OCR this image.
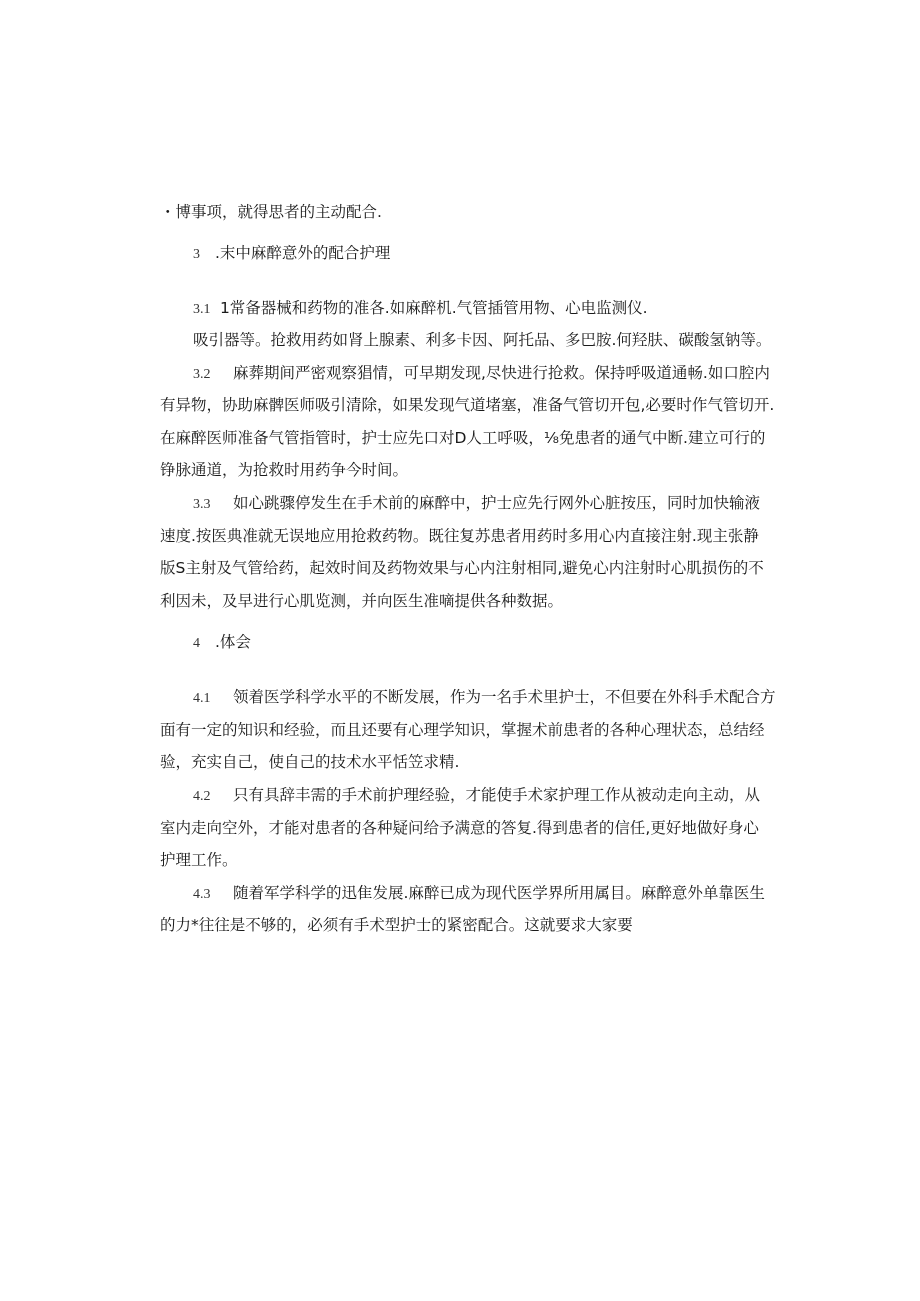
・博事项，就得思者的主动配合.
3 .末中麻醉意外的配合护理
3.1 1常备器械和药物的准各.如麻醉机.气管插管用物、心电监测仪.
吸引器等。抢救用药如肾上腺素、利多卡因、阿托品、多巴胺.何羟肤、碳酸氢钠等。
3.2 麻葬期间严密观察猖情，可早期发现,尽快进行抢救。保持呼吸道通畅.如口腔内
有异物，协助麻髀医师吸引清除，如果发现气道堵塞，准备气管切开包,必要时作气管切开.
在麻醉医师准备气管指管时，护士应先口对D人工呼吸，⅛免患者的通气中断.建立可行的
铮脉通道，为抢救时用药争今时间。
3.3 如心跳骤停发生在手术前的麻醉中，护士应先行网外心脏按压，同时加快输液
速度.按医典准就无误地应用抢救药物。既往复苏患者用药时多用心内直接注射.现主张静
版S主射及气管给药，起效时间及药物效果与心内注射相同,避免心内注射时心肌损伤的不
利因未，及早进行心肌览测，并向医生准嘀提供各种数据。
4 .体会
4.1 领着医学科学水平的不断发展，作为一名手术里护士，不但要在外科手术配合方
面有一定的知识和经验，而且还要有心理学知识，掌握术前患者的各种心理状态，总结经
验，充实自己，使自己的技术水平恬笠求精.
4.2 只有具辞丰需的手术前护理经验，才能使手术家护理工作从被动走向主动，从
室内走向空外，才能对患者的各种疑问给予满意的答复.得到患者的信任,更好地做好身心
护理工作。
4.3 随着军学科学的迅隹发展.麻醉已成为现代医学界所用属目。麻醉意外单靠医生
的力*往往是不够的，必须有手术型护士的紧密配合。这就要求大家要
